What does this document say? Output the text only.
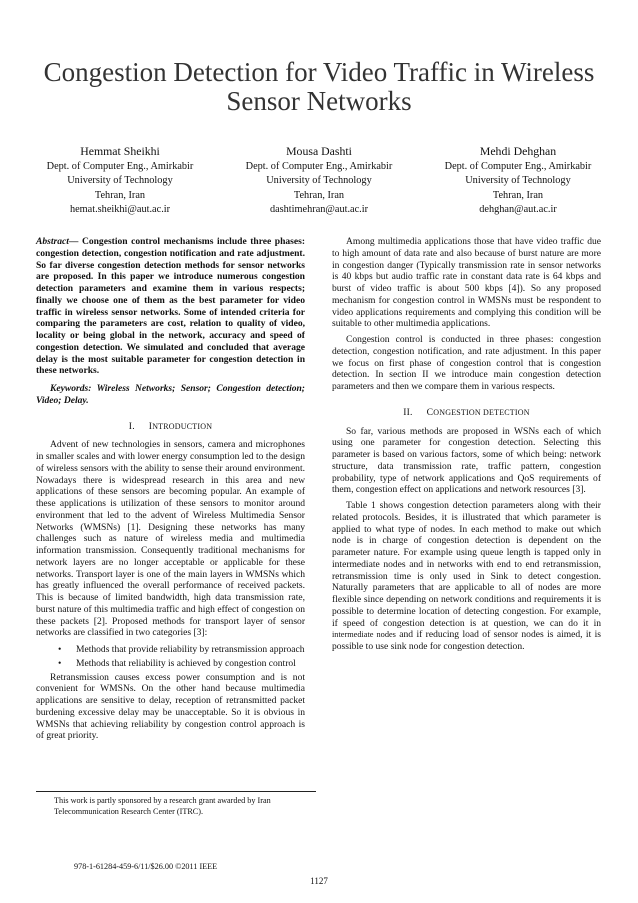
Congestion Detection for Video Traffic in Wireless Sensor Networks
Hemmat Sheikhi
Dept. of Computer Eng., Amirkabir
University of Technology
Tehran, Iran
hemat.sheikhi@aut.ac.ir
Mousa Dashti
Dept. of Computer Eng., Amirkabir
University of Technology
Tehran, Iran
dashtimehran@aut.ac.ir
Mehdi Dehghan
Dept. of Computer Eng., Amirkabir
University of Technology
Tehran, Iran
dehghan@aut.ac.ir

Abstract— Congestion control mechanisms include three phases: congestion detection, congestion notification and rate adjustment. So far diverse congestion detection methods for sensor networks are proposed. In this paper we introduce numerous congestion detection parameters and examine them in various respects; finally we choose one of them as the best parameter for video traffic in wireless sensor networks. Some of intended criteria for comparing the parameters are cost, relation to quality of video, locality or being global in the network, accuracy and speed of congestion detection. We simulated and concluded that average delay is the most suitable parameter for congestion detection in these networks.

Keywords: Wireless Networks; Sensor; Congestion detection; Video; Delay.

I. INTRODUCTION

Advent of new technologies in sensors, camera and microphones in smaller scales and with lower energy consumption led to the design of wireless sensors with the ability to sense their around environment. Nowadays there is widespread research in this area and new applications of these sensors are becoming popular. An example of these applications is utilization of these sensors to monitor around environment that led to the advent of Wireless Multimedia Sensor Networks (WMSNs) [1]. Designing these networks has many challenges such as nature of wireless media and multimedia information transmission. Consequently traditional mechanisms for network layers are no longer acceptable or applicable for these networks. Transport layer is one of the main layers in WMSNs which has greatly influenced the overall performance of received packets. This is because of limited bandwidth, high data transmission rate, burst nature of this multimedia traffic and high effect of congestion on these packets [2]. Proposed methods for transport layer of sensor networks are classified in two categories [3]:

• Methods that provide reliability by retransmission approach
• Methods that reliability is achieved by congestion control

Retransmission causes excess power consumption and is not convenient for WMSNs. On the other hand because multimedia applications are sensitive to delay, reception of retransmitted packet burdening excessive delay may be unacceptable. So it is obvious in WMSNs that achieving reliability by congestion control approach is of great priority.

Among multimedia applications those that have video traffic due to high amount of data rate and also because of burst nature are more in congestion danger (Typically transmission rate in sensor networks is 40 kbps but audio traffic rate in constant data rate is 64 kbps and burst of video traffic is about 500 kbps [4]). So any proposed mechanism for congestion control in WMSNs must be respondent to video applications requirements and complying this condition will be suitable to other multimedia applications.

Congestion control is conducted in three phases: congestion detection, congestion notification, and rate adjustment. In this paper we focus on first phase of congestion control that is congestion detection. In section II we introduce main congestion detection parameters and then we compare them in various respects.

II. CONGESTION DETECTION

So far, various methods are proposed in WSNs each of which using one parameter for congestion detection. Selecting this parameter is based on various factors, some of which being: network structure, data transmission rate, traffic pattern, congestion probability, type of network applications and QoS requirements of them, congestion effect on applications and network resources [3].

Table 1 shows congestion detection parameters along with their related protocols. Besides, it is illustrated that which parameter is applied to what type of nodes. In each method to make out which node is in charge of congestion detection is dependent on the parameter nature. For example using queue length is tapped only in intermediate nodes and in networks with end to end retransmission, retransmission time is only used in Sink to detect congestion. Naturally parameters that are applicable to all of nodes are more flexible since depending on network conditions and requirements it is possible to determine location of detecting congestion. For example, if speed of congestion detection is at question, we can do it in intermediate nodes and if reducing load of sensor nodes is aimed, it is possible to use sink node for congestion detection.

This work is partly sponsored by a research grant awarded by Iran Telecommunication Research Center (ITRC).
978-1-61284-459-6/11/$26.00 ©2011 IEEE
1127
